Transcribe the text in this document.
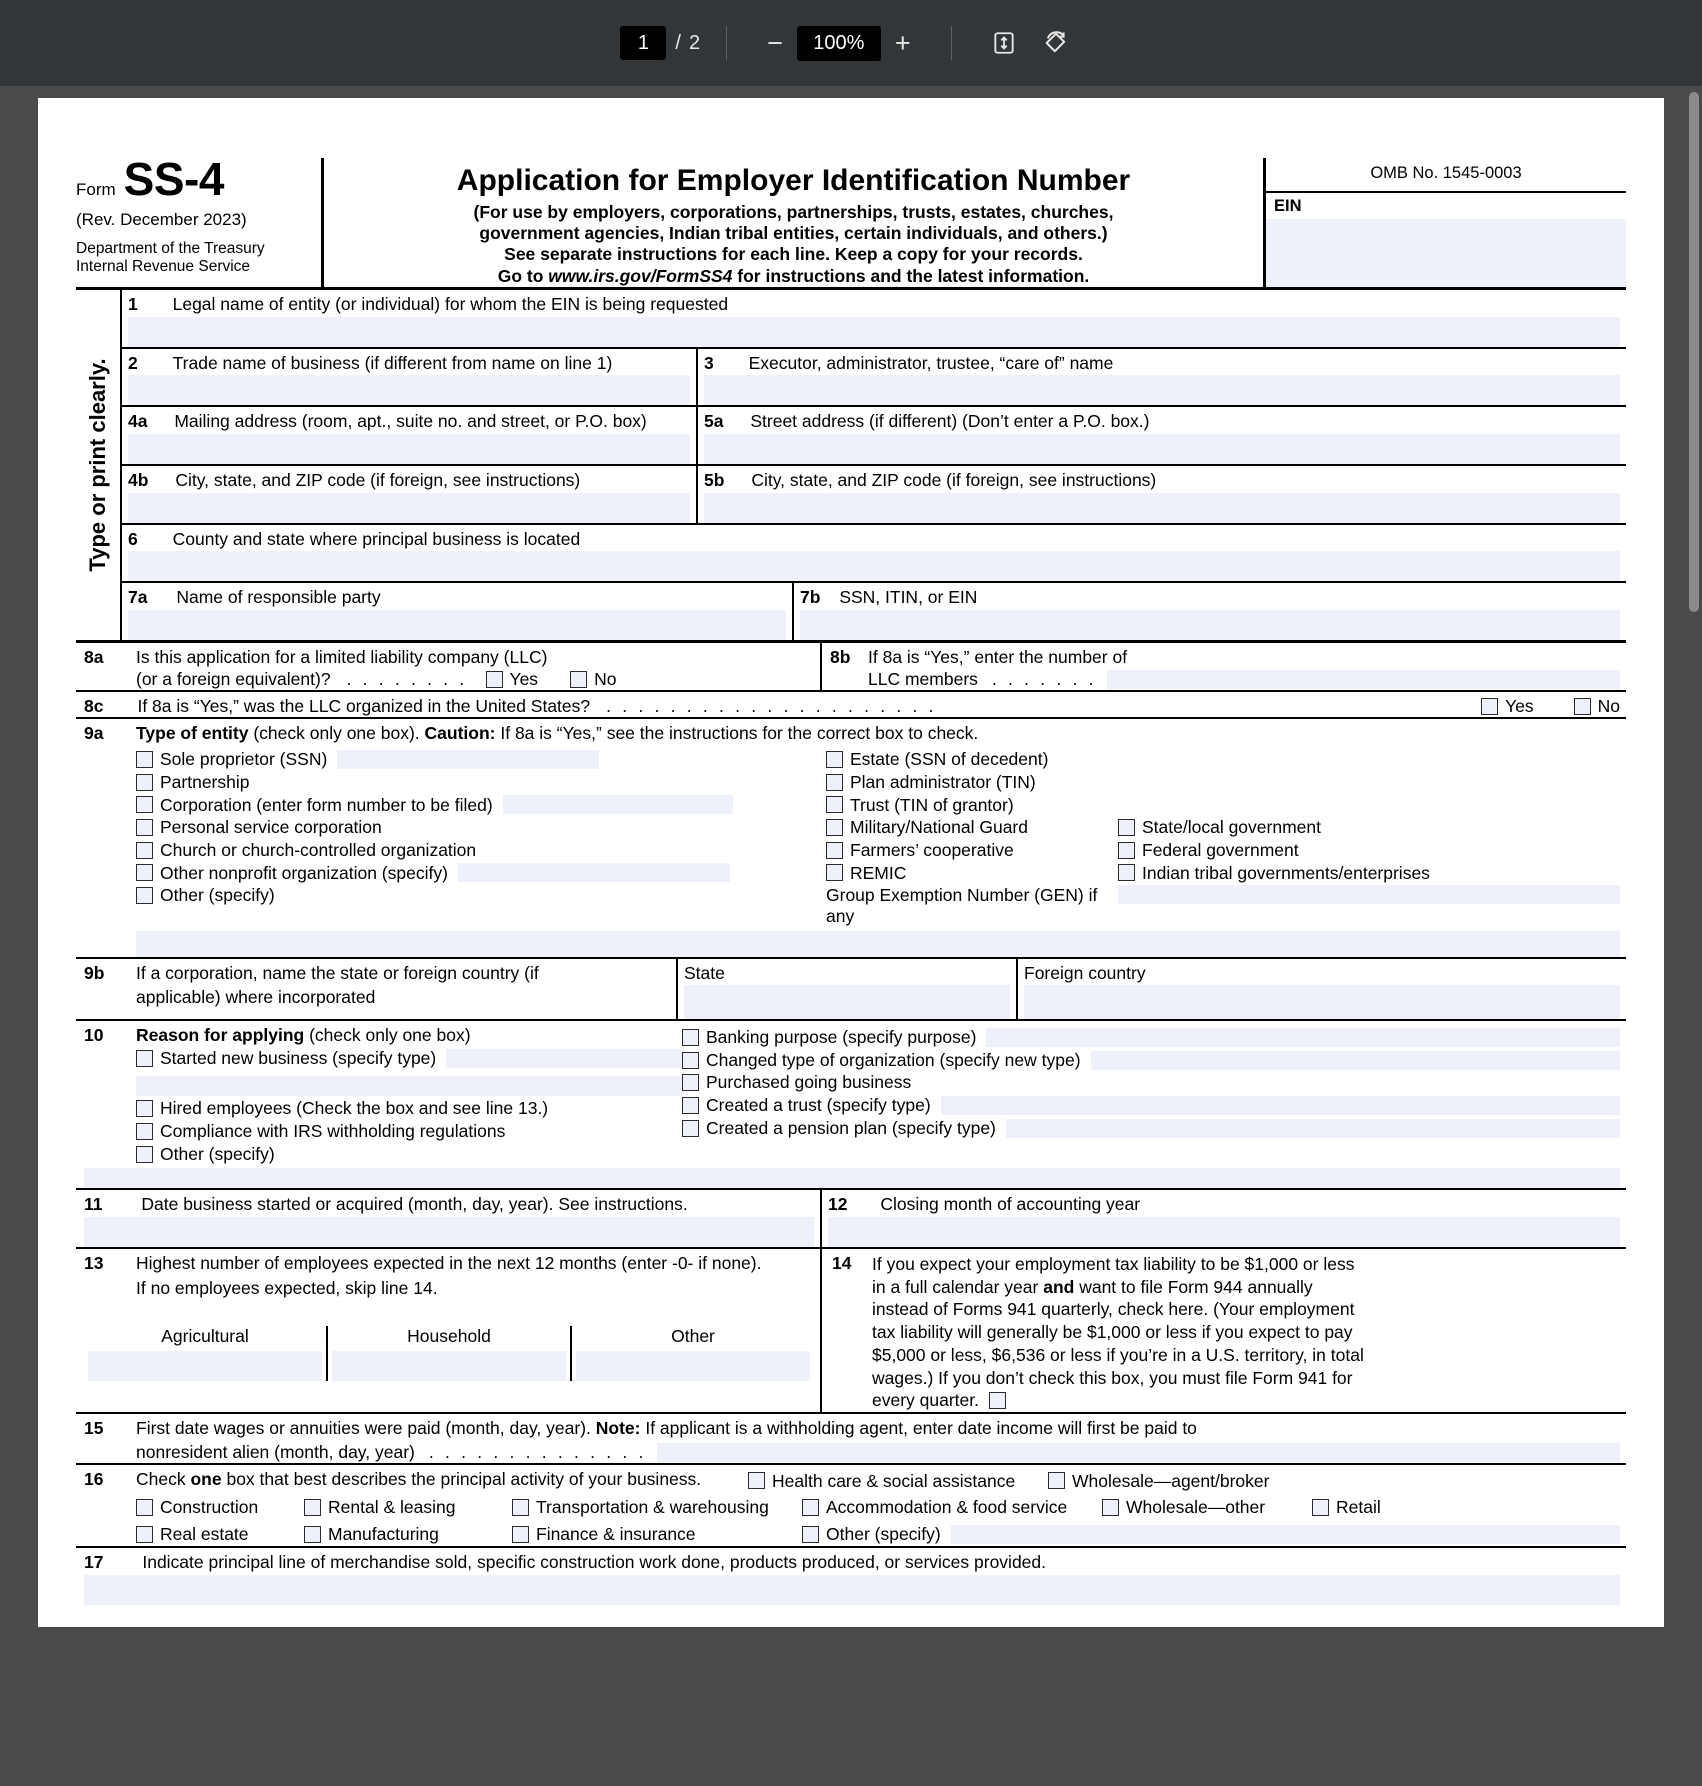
1
/ 2	−	100%	+
Form SS-4
(Rev. December 2023)
Department of the Treasury
Internal Revenue Service
Application for Employer Identification Number
(For use by employers, corporations, partnerships, trusts, estates, churches,
government agencies, Indian tribal entities, certain individuals, and others.)
See separate instructions for each line. Keep a copy for your records.
Go to www.irs.gov/FormSS4 for instructions and the latest information.
OMB No. 1545-0003
EIN
Type or print clearly.
1 Legal name of entity (or individual) for whom the EIN is being requested
2 Trade name of business (if different from name on line 1)	3 Executor, administrator, trustee, “care of” name
4a Mailing address (room, apt., suite no. and street, or P.O. box)	5a Street address (if different) (Don’t enter a P.O. box.)
4b City, state, and ZIP code (if foreign, see instructions)	5b City, state, and ZIP code (if foreign, see instructions)
6 County and state where principal business is located
7a Name of responsible party	7b SSN, ITIN, or EIN
8a Is this application for a limited liability company (LLC)
(or a foreign equivalent)? . . . . . . . . Yes	No
8b If 8a is “Yes,” enter the number of
LLC members . . . . . . .
8c If 8a is “Yes,” was the LLC organized in the United States? . . . . . . . . . . . . . . . . . . . . .	Yes	No
9a Type of entity (check only one box). Caution: If 8a is “Yes,” see the instructions for the correct box to check.
Sole proprietor (SSN)
Partnership
Corporation (enter form number to be filed)
Personal service corporation
Church or church-controlled organization
Other nonprofit organization (specify)
Other (specify)
Estate (SSN of decedent)
Plan administrator (TIN)
Trust (TIN of grantor)
Military/National Guard
Farmers’ cooperative
REMIC
Group Exemption Number (GEN) if any
State/local government
Federal government
Indian tribal governments/enterprises
9b If a corporation, name the state or foreign country (if
applicable) where incorporated
State	Foreign country
10 Reason for applying (check only one box)
Started new business (specify type)
Hired employees (Check the box and see line 13.)
Compliance with IRS withholding regulations
Other (specify)
Banking purpose (specify purpose)
Changed type of organization (specify new type)
Purchased going business
Created a trust (specify type)
Created a pension plan (specify type)
11 Date business started or acquired (month, day, year). See instructions.	12 Closing month of accounting year
13 Highest number of employees expected in the next 12 months (enter -0- if none).
If no employees expected, skip line 14.
Agricultural	Household	Other
14 If you expect your employment tax liability to be $1,000 or less
in a full calendar year and want to file Form 944 annually
instead of Forms 941 quarterly, check here. (Your employment
tax liability will generally be $1,000 or less if you expect to pay
$5,000 or less, $6,536 or less if you’re in a U.S. territory, in total
wages.) If you don’t check this box, you must file Form 941 for
every quarter.
15 First date wages or annuities were paid (month, day, year). Note: If applicant is a withholding agent, enter date income will first be paid to
nonresident alien (month, day, year) . . . . . . . . . . . . . .
16 Check one box that best describes the principal activity of your business.	Health care & social assistance	Wholesale—agent/broker
Construction	Rental & leasing	Transportation & warehousing	Accommodation & food service	Wholesale—other	Retail
Real estate	Manufacturing	Finance & insurance	Other (specify)
17 Indicate principal line of merchandise sold, specific construction work done, products produced, or services provided.
